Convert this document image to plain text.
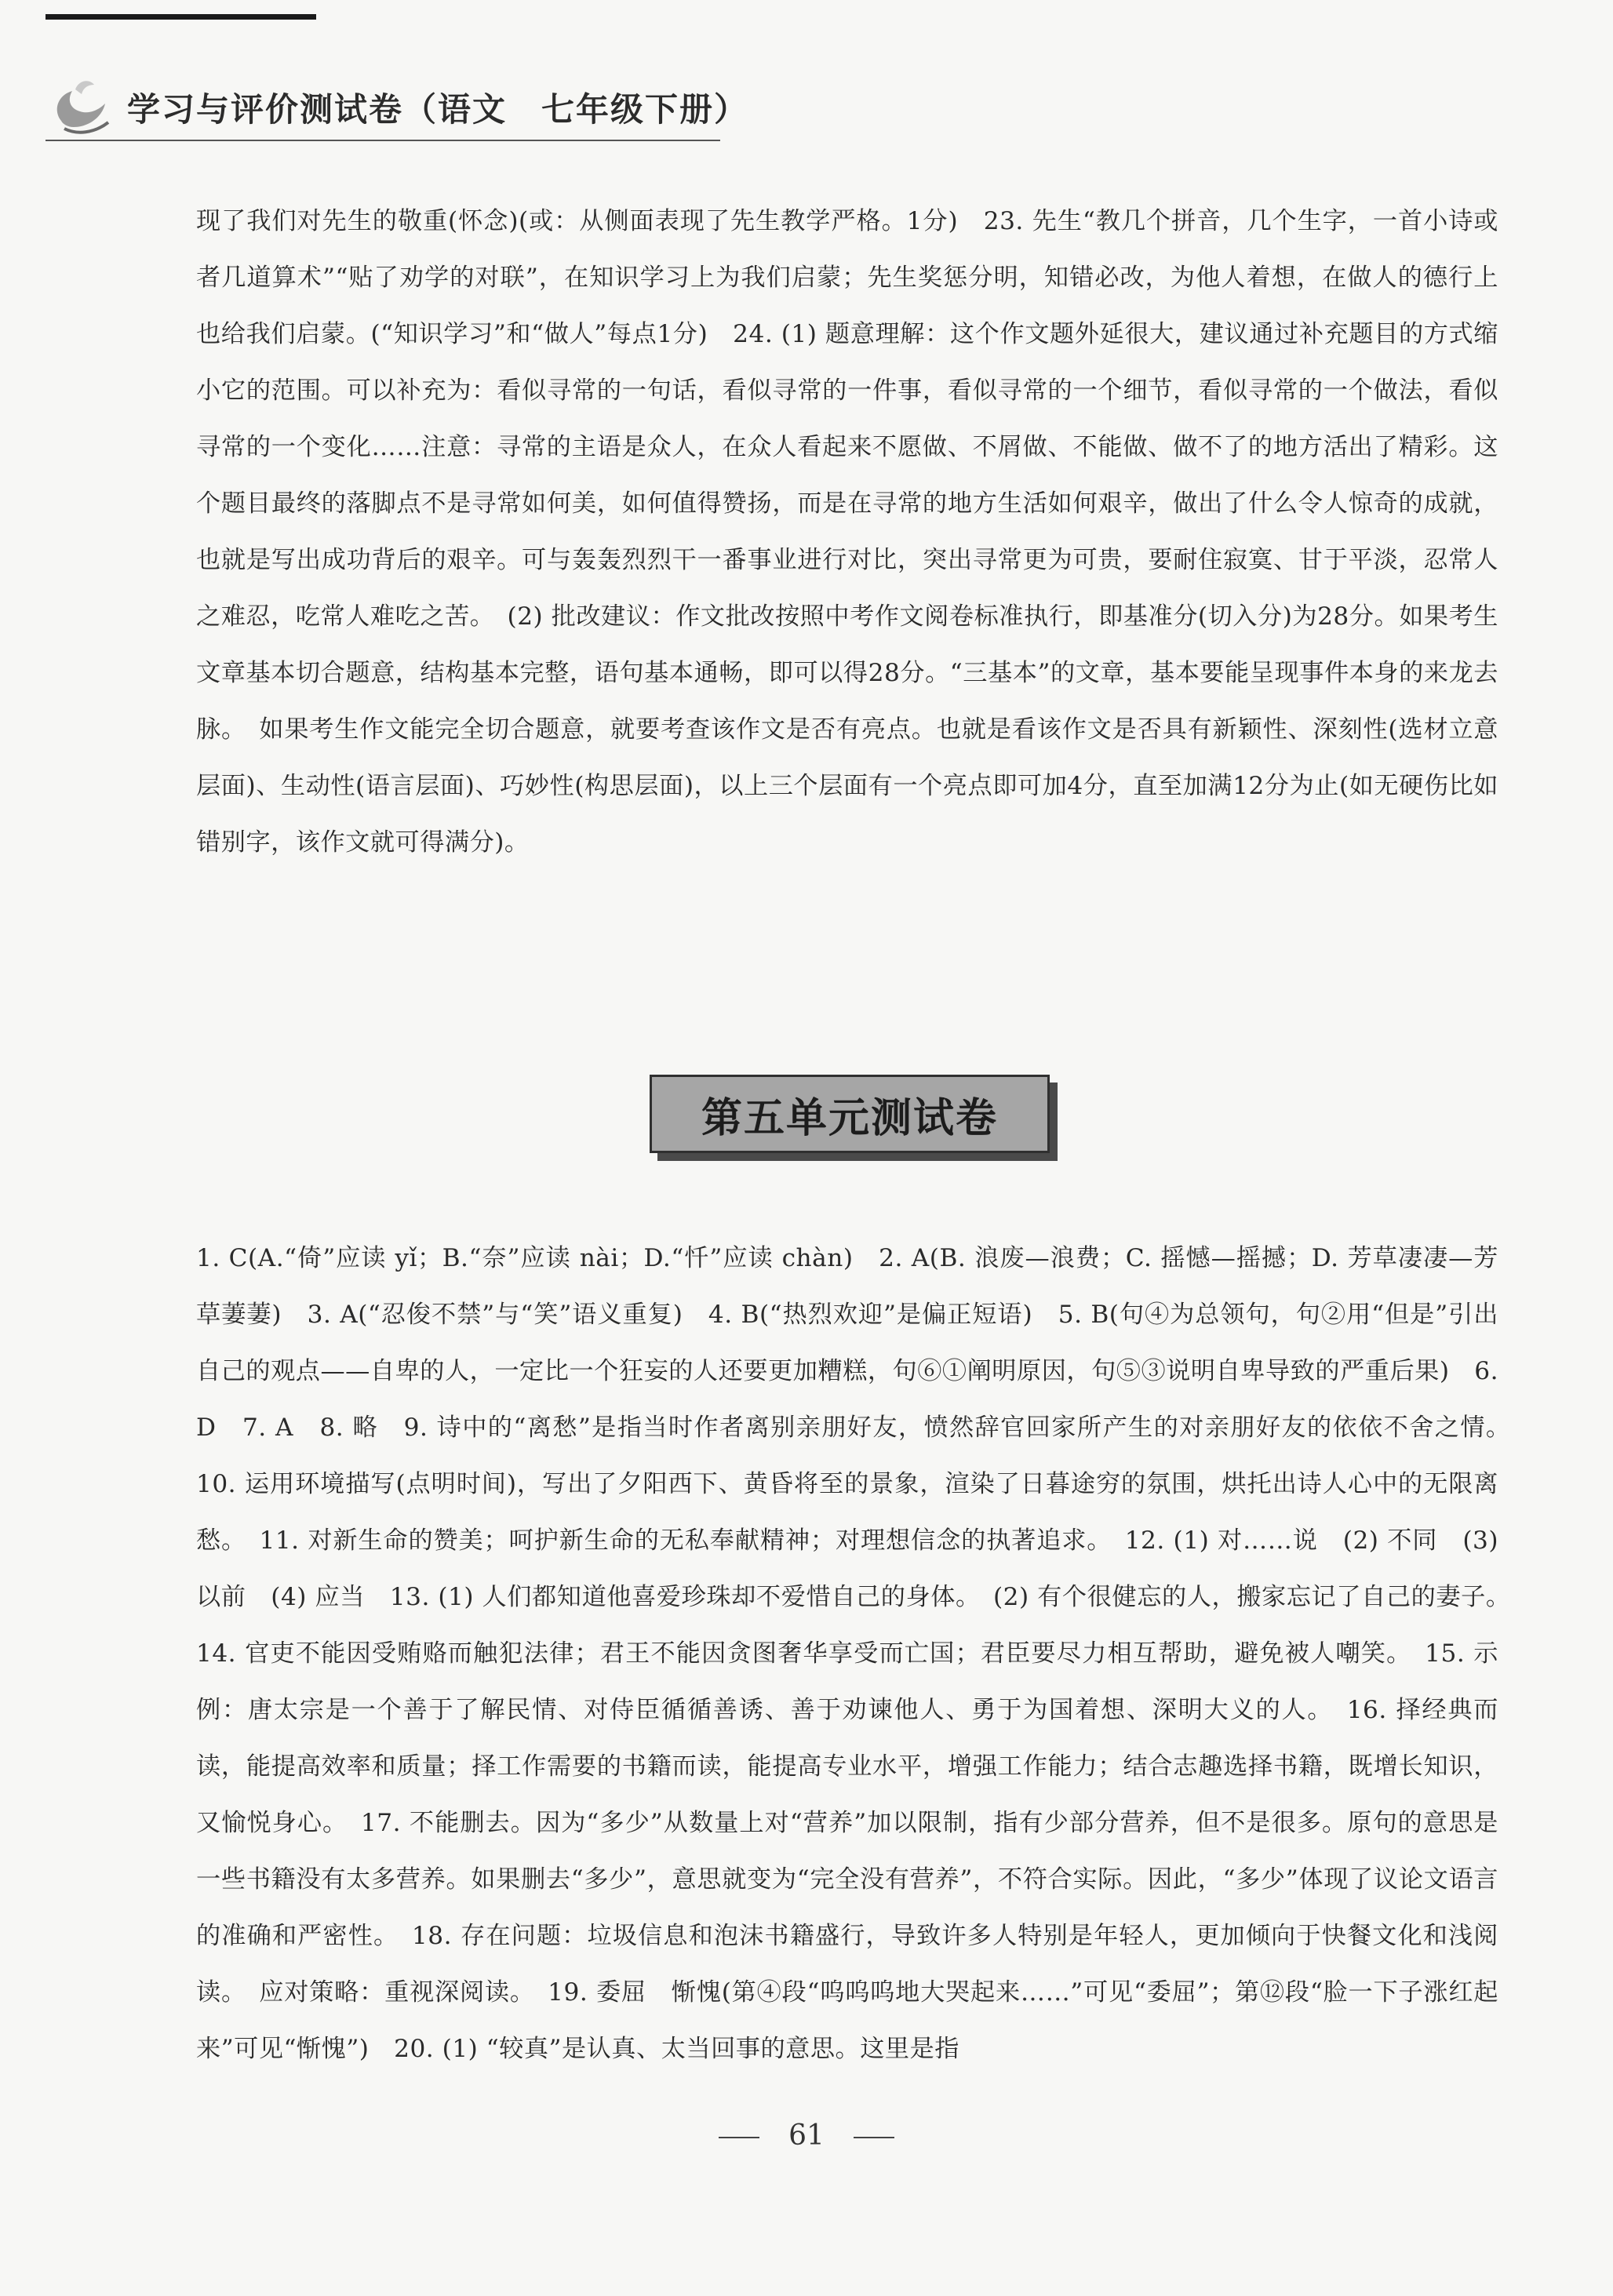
学习与评价测试卷（语文　七年级下册）
现了我们对先生的敬重(怀念)(或：从侧面表现了先生教学严格。1分)　23. 先生“教几个拼音，几个生字，一首小诗或者几道算术”“贴了劝学的对联”，在知识学习上为我们启蒙；先生奖惩分明，知错必改，为他人着想，在做人的德行上也给我们启蒙。(“知识学习”和“做人”每点1分)　24. (1) 题意理解：这个作文题外延很大，建议通过补充题目的方式缩小它的范围。可以补充为：看似寻常的一句话，看似寻常的一件事，看似寻常的一个细节，看似寻常的一个做法，看似寻常的一个变化……注意：寻常的主语是众人，在众人看起来不愿做、不屑做、不能做、做不了的地方活出了精彩。这个题目最终的落脚点不是寻常如何美，如何值得赞扬，而是在寻常的地方生活如何艰辛，做出了什么令人惊奇的成就，也就是写出成功背后的艰辛。可与轰轰烈烈干一番事业进行对比，突出寻常更为可贵，要耐住寂寞、甘于平淡，忍常人之难忍，吃常人难吃之苦。　(2) 批改建议：作文批改按照中考作文阅卷标准执行，即基准分(切入分)为28分。如果考生文章基本切合题意，结构基本完整，语句基本通畅，即可以得28分。“三基本”的文章，基本要能呈现事件本身的来龙去脉。　如果考生作文能完全切合题意，就要考查该作文是否有亮点。也就是看该作文是否具有新颖性、深刻性(选材立意层面)、生动性(语言层面)、巧妙性(构思层面)，以上三个层面有一个亮点即可加4分，直至加满12分为止(如无硬伤比如错别字，该作文就可得满分)。
第五单元测试卷
1. C(A.“倚”应读 yǐ；B.“奈”应读 nài；D.“忏”应读 chàn)　2. A(B. 浪废—浪费；C. 摇憾—摇撼；D. 芳草凄凄—芳草萋萋)　3. A(“忍俊不禁”与“笑”语义重复)　4. B(“热烈欢迎”是偏正短语)　5. B(句④为总领句，句②用“但是”引出自己的观点——自卑的人，一定比一个狂妄的人还要更加糟糕，句⑥①阐明原因，句⑤③说明自卑导致的严重后果)　6. D　7. A　8. 略　9. 诗中的“离愁”是指当时作者离别亲朋好友，愤然辞官回家所产生的对亲朋好友的依依不舍之情。　10. 运用环境描写(点明时间)，写出了夕阳西下、黄昏将至的景象，渲染了日暮途穷的氛围，烘托出诗人心中的无限离愁。　11. 对新生命的赞美；呵护新生命的无私奉献精神；对理想信念的执著追求。　12. (1) 对……说　(2) 不同　(3) 以前　(4) 应当　13. (1) 人们都知道他喜爱珍珠却不爱惜自己的身体。　(2) 有个很健忘的人，搬家忘记了自己的妻子。　14. 官吏不能因受贿赂而触犯法律；君王不能因贪图奢华享受而亡国；君臣要尽力相互帮助，避免被人嘲笑。　15. 示例：唐太宗是一个善于了解民情、对侍臣循循善诱、善于劝谏他人、勇于为国着想、深明大义的人。　16. 择经典而读，能提高效率和质量；择工作需要的书籍而读，能提高专业水平，增强工作能力；结合志趣选择书籍，既增长知识，又愉悦身心。　17. 不能删去。因为“多少”从数量上对“营养”加以限制，指有少部分营养，但不是很多。原句的意思是一些书籍没有太多营养。如果删去“多少”，意思就变为“完全没有营养”，不符合实际。因此，“多少”体现了议论文语言的准确和严密性。　18. 存在问题：垃圾信息和泡沫书籍盛行，导致许多人特别是年轻人，更加倾向于快餐文化和浅阅读。　应对策略：重视深阅读。　19. 委屈　惭愧(第④段“呜呜呜地大哭起来……”可见“委屈”；第⑫段“脸一下子涨红起来”可见“惭愧”)　20. (1) “较真”是认真、太当回事的意思。这里是指
61
